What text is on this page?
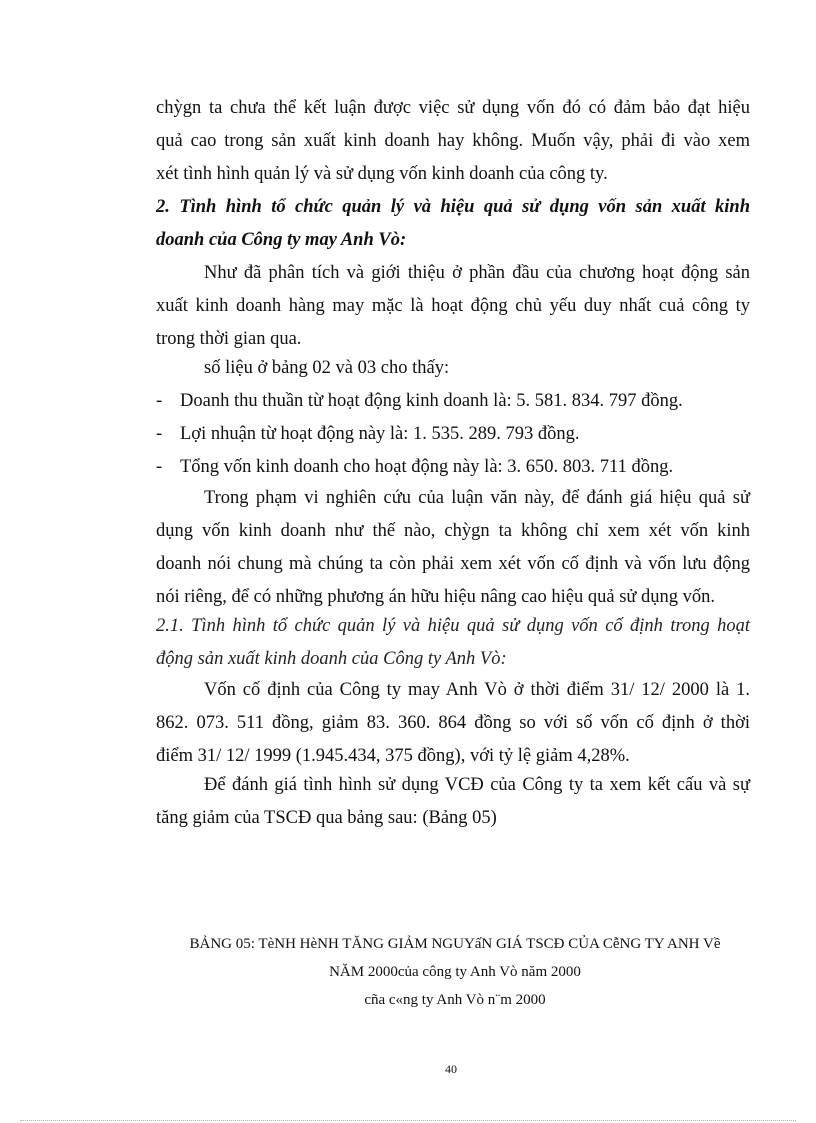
chỳgn ta chưa thể kết luận được việc sử dụng vốn đó có đảm bảo đạt hiệu
quả cao trong sản xuất kinh doanh hay không. Muốn vậy, phải đi vào xem
xét tình hình quản lý và sử dụng vốn kinh doanh của công ty.
2. Tình hình tổ chức quản lý và hiệu quả sử dụng vốn sản xuất kinh
doanh của Công ty may Anh Vò:
Như đã phân tích và giới thiệu ở phần đầu của chương hoạt động sản
xuất kinh doanh hàng may mặc là hoạt động chủ yếu duy nhất cuả công ty
trong thời gian qua.
số liệu ở bảng 02 và 03 cho thấy:
- Doanh thu thuần từ hoạt động kinh doanh là: 5. 581. 834. 797 đồng.
- Lợi nhuận từ hoạt động này là: 1. 535. 289. 793 đồng.
- Tổng vốn kinh doanh cho hoạt động này là: 3. 650. 803. 711 đồng.
Trong phạm vi nghiên cứu của luận văn này, để đánh giá hiệu quả sử
dụng vốn kinh doanh như thế nào, chỳgn ta không chỉ xem xét vốn kinh
doanh nói chung mà chúng ta còn phải xem xét vốn cố định và vốn lưu động
nói riêng, để có những phương án hữu hiệu nâng cao hiệu quả sử dụng vốn.
2.1. Tình hình tổ chức quản lý và hiệu quả sử dụng vốn cố định trong hoạt
động sản xuất kinh doanh của Công ty Anh Vò:
Vốn cố định của Công ty may Anh Vò ở thời điểm 31/ 12/ 2000 là 1.
862. 073. 511 đồng, giảm 83. 360. 864 đồng so với số vốn cố định ở thời
điểm 31/ 12/ 1999 (1.945.434, 375 đồng), với tỷ lệ giảm 4,28%.
Để đánh giá tình hình sử dụng VCĐ của Công ty ta xem kết cấu và sự
tăng giảm của TSCĐ qua bảng sau: (Bảng 05)
BẢNG 05: TèNH HèNH TĂNG GIẢM NGUYấN GIÁ TSCĐ CỦA CễNG TY ANH Về
NĂM 2000của công ty Anh Vò năm 2000
cña c«ng ty Anh Vò n¨m 2000
40
